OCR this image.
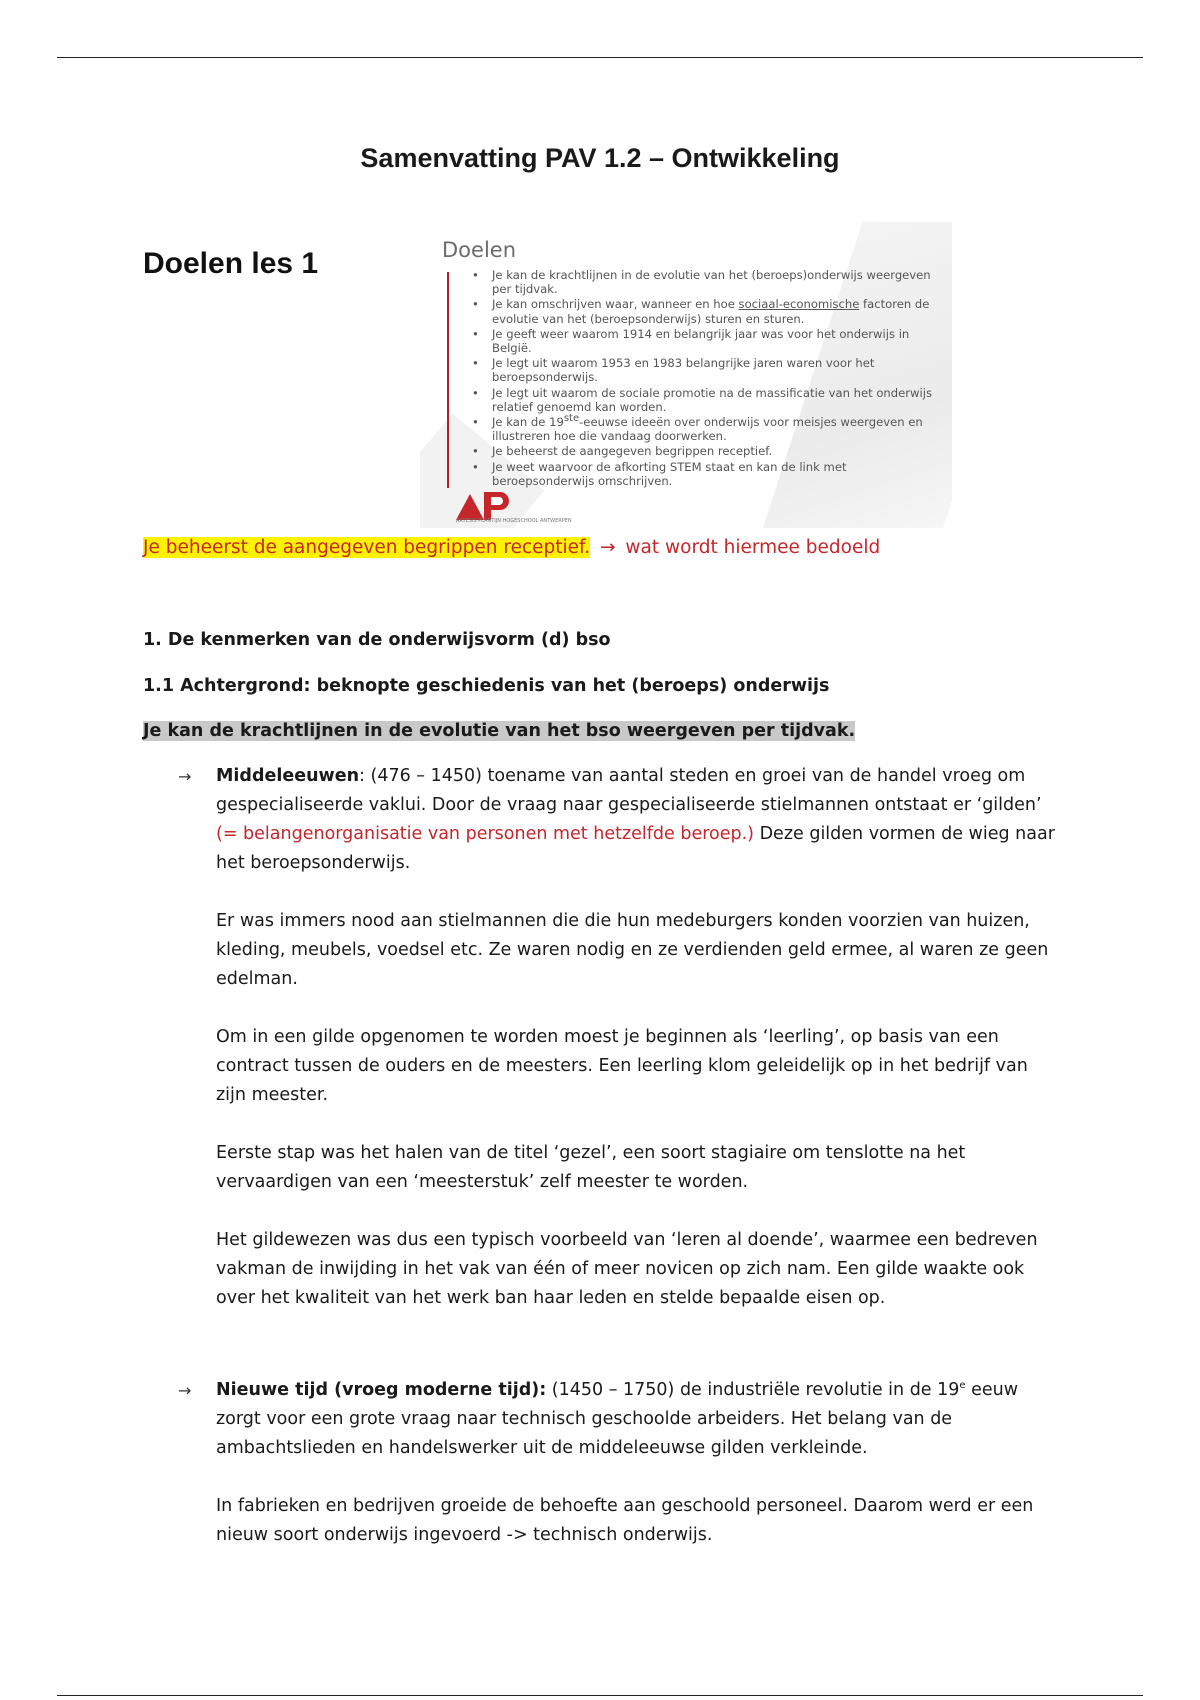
Samenvatting PAV 1.2 – Ontwikkeling
Doelen les 1	Doelen
• Je kan de krachtlijnen in de evolutie van het (beroeps)onderwijs weergeven per tijdvak.
• Je kan omschrijven waar, wanneer en hoe sociaal-economische factoren de evolutie van het (beroepsonderwijs) sturen en sturen.
• Je geeft weer waarom 1914 en belangrijk jaar was voor het onderwijs in België.
• Je legt uit waarom 1953 en 1983 belangrijke jaren waren voor het beroepsonderwijs.
• Je legt uit waarom de sociale promotie na de massificatie van het onderwijs relatief genoemd kan worden.
• Je kan de 19ste-eeuwse ideeën over onderwijs voor meisjes weergeven en illustreren hoe die vandaag doorwerken.
• Je beheerst de aangegeven begrippen receptief.
• Je weet waarvoor de afkorting STEM staat en kan de link met beroepsonderwijs omschrijven.
ARTESIS PLANTIJN HOGESCHOOL ANTWERPEN
Je beheerst de aangegeven begrippen receptief. → wat wordt hiermee bedoeld
1. De kenmerken van de onderwijsvorm (d) bso
1.1 Achtergrond: beknopte geschiedenis van het (beroeps) onderwijs
Je kan de krachtlijnen in de evolutie van het bso weergeven per tijdvak.
→ Middeleeuwen: (476 – 1450) toename van aantal steden en groei van de handel vroeg om gespecialiseerde vaklui. Door de vraag naar gespecialiseerde stielmannen ontstaat er ‘gilden’ (= belangenorganisatie van personen met hetzelfde beroep.) Deze gilden vormen de wieg naar het beroepsonderwijs.

Er was immers nood aan stielmannen die die hun medeburgers konden voorzien van huizen, kleding, meubels, voedsel etc. Ze waren nodig en ze verdienden geld ermee, al waren ze geen edelman.

Om in een gilde opgenomen te worden moest je beginnen als ‘leerling’, op basis van een contract tussen de ouders en de meesters. Een leerling klom geleidelijk op in het bedrijf van zijn meester.

Eerste stap was het halen van de titel ‘gezel’, een soort stagiaire om tenslotte na het vervaardigen van een ‘meesterstuk’ zelf meester te worden.

Het gildewezen was dus een typisch voorbeeld van ‘leren al doende’, waarmee een bedreven vakman de inwijding in het vak van één of meer novicen op zich nam. Een gilde waakte ook over het kwaliteit van het werk ban haar leden en stelde bepaalde eisen op.

→ Nieuwe tijd (vroeg moderne tijd): (1450 – 1750) de industriële revolutie in de 19e eeuw zorgt voor een grote vraag naar technisch geschoolde arbeiders. Het belang van de ambachtslieden en handelswerker uit de middeleeuwse gilden verkleinde.

In fabrieken en bedrijven groeide de behoefte aan geschoold personeel. Daarom werd er een nieuw soort onderwijs ingevoerd -> technisch onderwijs.
